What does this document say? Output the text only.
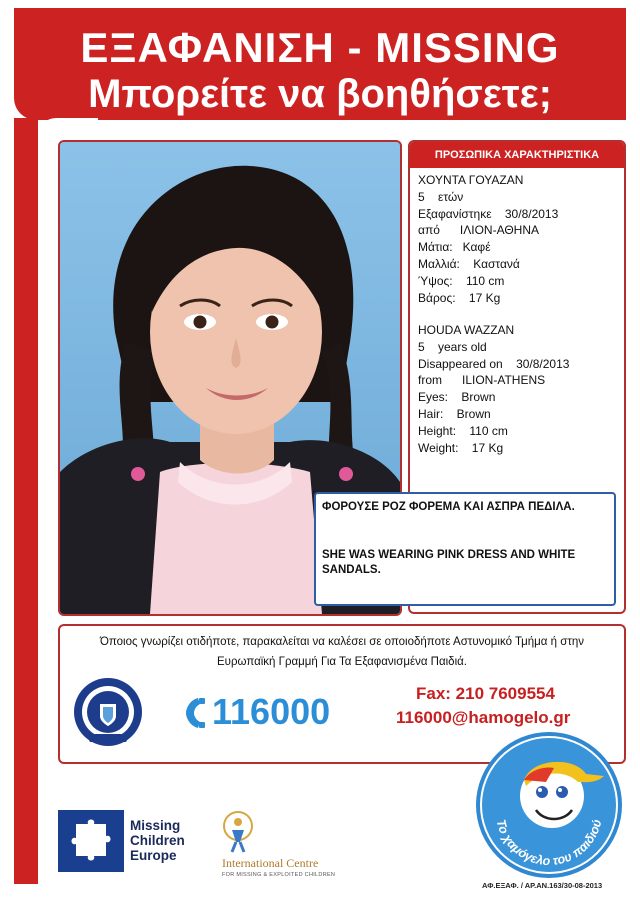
ΕΞΑΦΑΝΙΣΗ - MISSING
Μπορείτε να βοηθήσετε;
ΠΡΟΣΩΠΙΚΑ ΧΑΡΑΚΤΗΡΙΣΤΙΚΑ
ΧΟΥΝΤΑ ΓΟΥΑΖΑΝ
5    ετών
Εξαφανίστηκε    30/8/2013
από      ΙΛΙΟΝ-ΑΘΗΝΑ
Μάτια:   Καφέ
Μαλλιά:    Καστανά
Ύψος:    110 cm
Βάρος:    17 Kg
HOUDA WAZZAN
5    years old
Disappeared on    30/8/2013
from      ILION-ATHENS
Eyes:    Brown
Hair:    Brown
Height:    110 cm
Weight:    17 Kg
ΦΟΡΟΥΣΕ ΡΟΖ ΦΟΡΕΜΑ ΚΑΙ ΑΣΠΡΑ ΠΕΔΙΛΑ.
SHE WAS WEARING PINK DRESS AND WHITE SANDALS.
Όποιος γνωρίζει οτιδήποτε, παρακαλείται να καλέσει σε οποιοδήποτε Αστυνομικό Τμήμα ή στην
Ευρωπαϊκή Γραμμή Για Τα Εξαφανισμένα Παιδιά.
116000	Fax: 210 7609554
116000@hamogelo.gr
Το χαμόγελο του παιδιού
Missing
Children
Europe	International Centre
FOR MISSING & EXPLOITED CHILDREN
ΑΦ.ΕΞΑΦ. / ΑΡ.ΑΝ.163/30-08-2013
